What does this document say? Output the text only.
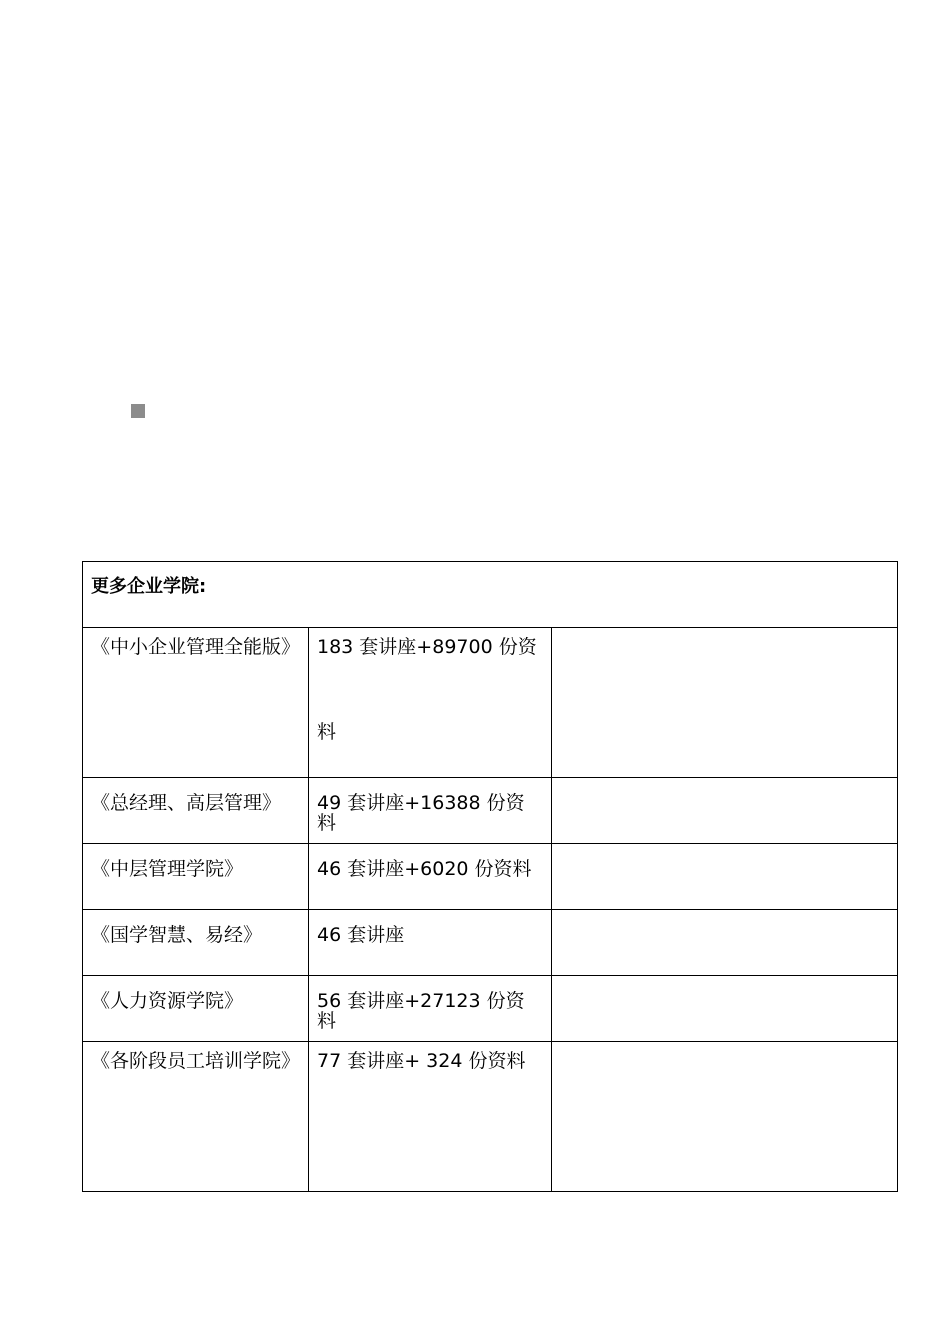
更多企业学院:		

《中小企业管理全能版》	183 套讲座+89700 份资料	

《总经理、高层管理》	49 套讲座+16388 份资料	
《中层管理学院》	46 套讲座+6020 份资料	
《国学智慧、易经》	46 套讲座	
《人力资源学院》	56 套讲座+27123 份资料	

《各阶段员工培训学院》	77 套讲座+ 324 份资料	
